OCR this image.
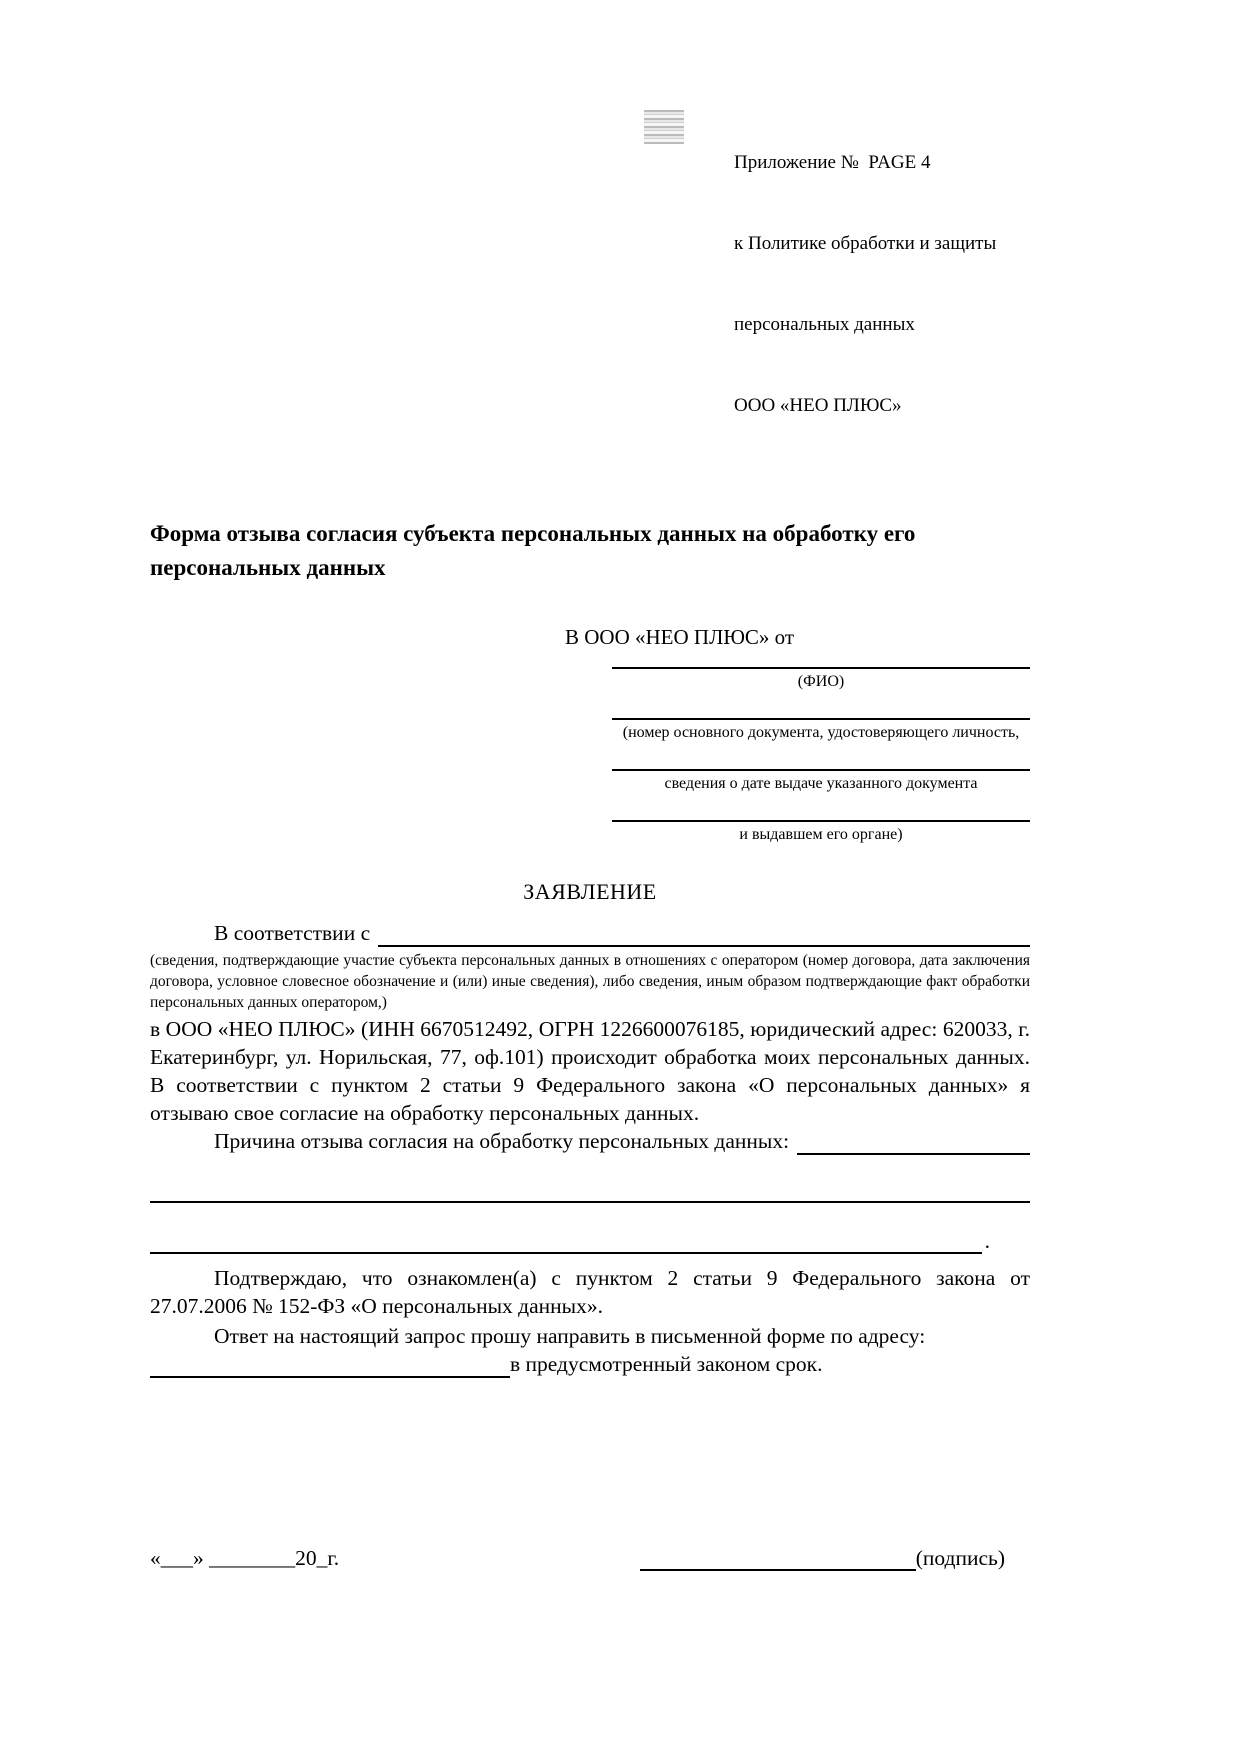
Приложение №  PAGE 4

к Политике обработки и защиты

персональных данных

ООО «НЕО ПЛЮС»

Форма отзыва согласия субъекта персональных данных на обработку его персональных данных
В ООО «НЕО ПЛЮС» от
(ФИО)
(номер основного документа, удостоверяющего личность,
сведения о дате выдаче указанного документа
и выдавшем его органе)
ЗАЯВЛЕНИЕ
В соответствии с
(сведения, подтверждающие участие субъекта персональных данных в отношениях с оператором (номер договора, дата заключения договора, условное словесное обозначение и (или) иные сведения), либо сведения, иным образом подтверждающие факт обработки персональных данных оператором,)
в ООО «НЕО ПЛЮС» (ИНН 6670512492, ОГРН 1226600076185, юридический адрес: 620033, г. Екатеринбург, ул. Норильская, 77, оф.101) происходит обработка моих персональных данных. В соответствии с пунктом 2 статьи 9 Федерального закона «О персональных данных» я отзываю свое согласие на обработку персональных данных.
Причина отзыва согласия на обработку персональных данных:
.
Подтверждаю, что ознакомлен(а) с пунктом 2 статьи 9 Федерального закона от 27.07.2006 № 152-ФЗ «О персональных данных».
Ответ на настоящий запрос прошу направить в письменной форме по адресу:
в предусмотренный законом срок.
«___» ________20_г.	(подпись)
